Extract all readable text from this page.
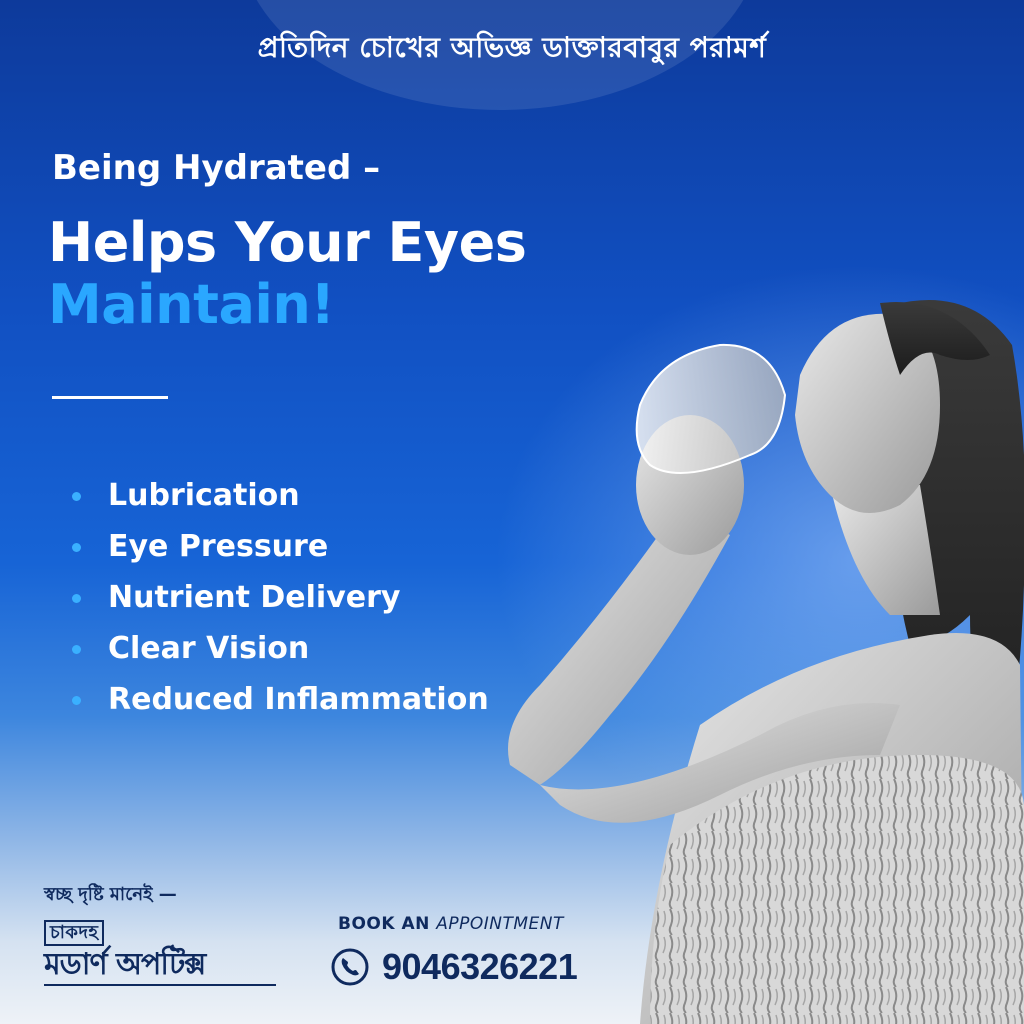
প্রতিদিন চোখের অভিজ্ঞ ডাক্তারবাবুর পরামর্শ
Being Hydrated –
Helps Your Eyes
Maintain!
Lubrication
Eye Pressure
Nutrient Delivery
Clear Vision
Reduced Inflammation
স্বচ্ছ দৃষ্টি মানেই —
চাকদহ
মডার্ণ অপটিক্স
BOOK AN APPOINTMENT
9046326221
